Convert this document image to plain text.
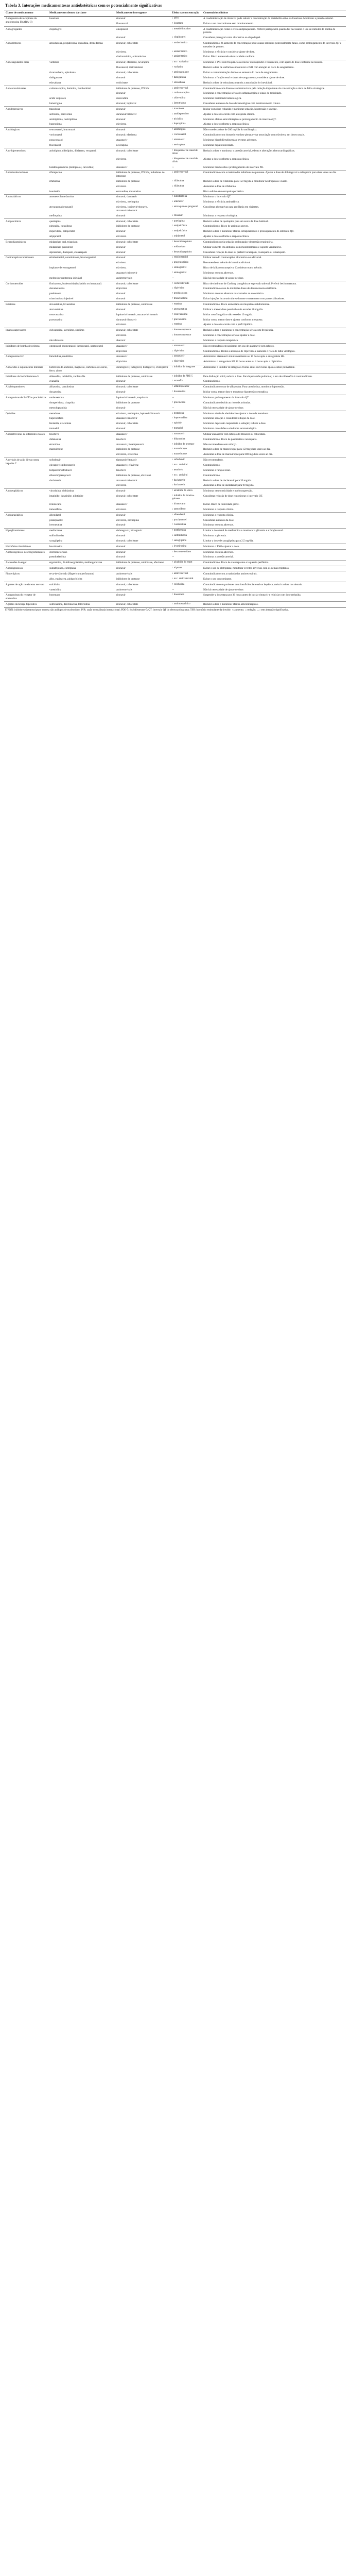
Tabela 3. Interações medicamentosas antiobstétricas com os potencialmente significativas
Classe de medicamento	Medicamentos dentro da classe	Medicamento interagente	Efeito na concentração	Comentários clínicos
Antagonista de receptores da angiotensina II (ARA-II)	losartana	ritonavir	↓ ativo	A coadministração de ritonavir pode reduzir a concentração do metabólito ativo da losartana. Monitorar a pressão arterial.
		fluconazol	↑ losartana	Evitar o uso concomitante sem monitoramento.
Antiagregantes	clopidogrel	omeprazol	↓ metabólito ativo	A coadministração reduz o efeito antiplaquetário. Preferir pantoprazol quando for necessário o uso de inibidor de bomba de prótons.
		ritonavir	↓ clopidogrel	Considerar prasugrel como alternativa ao clopidogrel.
Antiarrítmicos	amiodarona, propafenona, quinidina, dronedarona	ritonavir, cobicistate	↑ antiarrítmico	Contraindicado. O aumento da concentração pode causar arritmias potencialmente fatais, como prolongamento do intervalo QT e torsades de pointes.
		efavirenz	↓ antiarrítmico	Monitorar a eficácia e considerar ajuste de dose.
		claritromicina, eritromicina	↑ antiarrítmico	Evitar. Risco aumentado de toxicidade cardíaca.
Anticoagulantes orais	varfarina	ritonavir, efavirenz, nevirapina	↓ ou ↑ varfarina	Monitorar o INR com frequência ao iniciar ou suspender o tratamento, com ajuste de dose conforme necessário.
		fluconazol, metronidazol	↑ varfarina	Reduzir a dose de varfarina e monitorar o INR com atenção ao risco de sangramento.
	rivaroxabana, apixabana	ritonavir, cobicistate	↑ anticoagulante	Evitar a coadministração devido ao aumento do risco de sangramento.
	dabigatrana	ritonavir	↑ dabigatrana	Monitorar a função renal e sinais de sangramento; considerar ajuste de dose.
	edoxabana	cobicistate	↑ edoxabana	Reduzir a dose de edoxabana quando a associação for inevitável.
Anticonvulsivantes	carbamazepina, fenitoína, fenobarbital	inibidores de protease, ITRNN	↓ antirretroviral	Contraindicado com diversos antirretrovirais pela redução importante da concentração e risco de falha virológica.
		ritonavir	↑ carbamazepina	Monitorar a concentração sérica de carbamazepina e sinais de toxicidade.
	ácido valproico	zidovudina	↑ zidovudina	Monitorar toxicidade hematológica.
	lamotrigina	ritonavir, lopinavir	↓ lamotrigina	Considerar aumento da dose de lamotrigina com monitoramento clínico.
Antidepressivos	trazodona	ritonavir	↑ trazodona	Iniciar com dose reduzida e monitorar sedação, hipotensão e síncope.
	sertralina, paroxetina	darunavir/ritonavir	↓ antidepressivo	Ajustar a dose de acordo com a resposta clínica.
	amitriptilina, nortriptilina	ritonavir	↑ tricíclico	Monitorar efeitos anticolinérgicos e prolongamento do intervalo QT.
	bupropiona	efavirenz	↓ bupropiona	Ajustar a dose conforme a resposta clínica.
Antifúngicos	cetoconazol, itraconazol	ritonavir	↑ antifúngico	Não exceder a dose de 200 mg/dia do antifúngico.
	voriconazol	ritonavir, efavirenz	↓ voriconazol	Contraindicado com ritonavir em dose plena; evitar associação com efavirenz em doses usuais.
	posaconazol	atazanavir	↑ atazanavir	Monitorar hiperbilirrubinemia e eventos adversos.
	fluconazol	nevirapina	↑ nevirapina	Monitorar hepatotoxicidade.
Anti-hipertensivos	anlodipino, nifedipino, diltiazem, verapamil	ritonavir, cobicistate	↑ bloqueador de canal de cálcio	Reduzir a dose e monitorar a pressão arterial, edema e alterações eletrocardiográficas.
		efavirenz	↓ bloqueador de canal de cálcio	Ajustar a dose conforme a resposta clínica.
	betabloqueadores (metoprolol, carvedilol)	atazanavir	↔	Monitorar bradicardia e prolongamento do intervalo PR.
Antimicobacterianos	rifampicina	inibidores de protease, ITRNN, inibidores de integrase	↓ antirretroviral	Contraindicado com a maioria dos inibidores de protease. Ajustar a dose de dolutegravir e raltegravir para duas vezes ao dia.
	rifabutina	inibidores de protease	↑ rifabutina	Reduzir a dose de rifabutina para 150 mg/dia e monitorar neutropenia e uveíte.
		efavirenz	↓ rifabutina	Aumentar a dose de rifabutina.
	isoniazida	estavudina, didanosina	↔	Risco aditivo de neuropatia periférica.
Antimaláricos	artemeter/lumefantrina	ritonavir, darunavir	↑ lumefantrina	Monitorar o intervalo QT.
		efavirenz, nevirapina	↓ artemeter	Monitorar a eficácia antimalárica.
	atovaquona/proguanil	efavirenz, lopinavir/ritonavir, atazanavir/ritonavir	↓ atovaquona e proguanil	Considerar alternativas para profilaxia em viajantes.
	mefloquina	ritonavir	↓ ritonavir	Monitorar a resposta virológica.
Antipsicóticos	quetiapina	ritonavir, cobicistate	↑ quetiapina	Reduzir a dose de quetiapina para um sexto da dose habitual.
	pimozida, lurasidona	inibidores de protease	↑ antipsicótico	Contraindicado. Risco de arritmias graves.
	risperidona, haloperidol	ritonavir	↑ antipsicótico	Reduzir a dose e monitorar efeitos extrapiramidais e prolongamento do intervalo QT.
	aripiprazol	efavirenz	↓ aripiprazol	Ajustar a dose conforme a resposta clínica.
Benzodiazepínicos	midazolam oral, triazolam	ritonavir, cobicistate	↑ benzodiazepínico	Contraindicado pela sedação prolongada e depressão respiratória.
	midazolam parenteral	ritonavir	↑ midazolam	Utilizar somente em ambiente com monitoramento e suporte ventilatório.
	alprazolam, diazepam, clonazepam	ritonavir	↑ benzodiazepínico	Considerar redução da dose ou preferir lorazepam, oxazepam ou temazepam.
Contraceptivos hormonais	etinilestradiol, noretindrona, levonorgestrel	ritonavir	↓ etinilestradiol	Utilizar método contraceptivo alternativo ou adicional.
		efavirenz	↓ progestogênio	Recomenda-se método de barreira adicional.
	implante de etonogestrel	efavirenz	↓ etonogestrel	Risco de falha contraceptiva. Considerar outro método.
		atazanavir/ritonavir	↑ etonogestrel	Monitorar eventos adversos.
	medroxiprogesterona injetável	antirretrovirais	↔	Não há necessidade de ajuste de dose.
Corticosteroides	fluticasona, budesonida (inalatória ou intranasal)	ritonavir, cobicistate	↑ corticosteroide	Risco de síndrome de Cushing iatrogênica e supressão adrenal. Preferir beclometasona.
	dexametasona	rilpivirina	↓ rilpivirina	Contraindicado o uso de múltiplas doses de dexametasona sistêmica.
	prednisona	ritonavir	↑ prednisolona	Monitorar eventos adversos relacionados ao uso crônico.
	triancinolona injetável	ritonavir	↑ triancinolona	Evitar injeções intra-articulares durante o tratamento com potencializadores.
Estatinas	sinvastatina, lovastatina	inibidores de protease, cobicistate	↑ estatina	Contraindicado. Risco aumentado de miopatia e rabdomiólise.
	atorvastatina	ritonavir	↑ atorvastatina	Utilizar a menor dose possível e não exceder 20 mg/dia.
	rosuvastatina	lopinavir/ritonavir, atazanavir/ritonavir	↑ rosuvastatina	Iniciar com 5 mg/dia e não exceder 10 mg/dia.
	pravastatina	darunavir/ritonavir	↑ pravastatina	Iniciar com a menor dose e ajustar conforme a resposta.
		efavirenz	↓ estatina	Ajustar a dose de acordo com o perfil lipídico.
Imunossupressores	ciclosporina, tacrolimo, sirolimo	ritonavir, cobicistate	↑ imunossupressor	Reduzir a dose e monitorar a concentração sérica com frequência.
		efavirenz	↓ imunossupressor	Monitorar a concentração sérica e ajustar a dose.
	micofenolato	abacavir	↔	Monitorar a resposta terapêutica.
Inibidores de bomba de prótons	omeprazol, esomeprazol, lansoprazol, pantoprazol	atazanavir	↓ atazanavir	Não recomendado em pacientes em uso de atazanavir sem reforço.
		rilpivirina	↓ rilpivirina	Contraindicado. Reduz a absorção de rilpivirina e aumenta o risco de falha virológica.
Antagonistas H2	famotidina, ranitidina	atazanavir	↓ atazanavir	Administrar atazanavir simultaneamente ou 10 horas após o antagonista H2.
		rilpivirina	↓ rilpivirina	Administrar o antagonista H2 12 horas antes ou 4 horas após a rilpivirina.
Antiácidos e suplementos minerais	hidróxido de alumínio, magnésio, carbonato de cálcio, ferro, zinco	dolutegravir, raltegravir, bictegravir, elvitegravir	↓ inibidor de integrase	Administrar o inibidor de integrase 2 horas antes ou 6 horas após o cátion polivalente.
Inibidores da fosfodiesterase-5	sildenafila, tadalafila, vardenafila	inibidores de protease, cobicistate	↑ inibidor da PDE-5	Para disfunção erétil, reduzir a dose. Para hipertensão pulmonar, o uso de sildenafila é contraindicado.
	avanafila	ritonavir	↑ avanafila	Contraindicado.
Alfabloqueadores	alfuzosina, tansulosina	ritonavir, cobicistate	↑ alfabloqueador	Contraindicado o uso de alfuzosina. Para tansulosina, monitorar hipotensão.
	doxazosina	ritonavir	↑ doxazosina	Iniciar com a menor dose e monitorar hipotensão ortostática.
Antagonistas de 5-HT3 e procinéticos	ondansetrona	lopinavir/ritonavir, saquinavir	↔	Monitorar prolongamento do intervalo QT.
	domperidona, cisaprida	inibidores de protease	↑ procinético	Contraindicado devido ao risco de arritmias.
	metoclopramida	ritonavir	↔	Não há necessidade de ajuste de dose.
Opioides	metadona	efavirenz, nevirapina, lopinavir/ritonavir	↓ metadona	Monitorar sinais de abstinência e ajustar a dose de metadona.
	buprenorfina	atazanavir/ritonavir	↑ buprenorfina	Monitorar sedação e considerar redução da dose.
	fentanila, oxicodona	ritonavir, cobicistate	↑ opioide	Monitorar depressão respiratória e sedação; reduzir a dose.
	tramadol	ritonavir	↑ tramadol	Monitorar convulsões e síndrome serotoninérgica.
Antirretrovirais de diferentes classes	tenofovir	atazanavir	↓ atazanavir	Utilizar atazanavir com reforço de ritonavir ou cobicistate.
	didanosina	tenofovir	↑ didanosina	Contraindicado. Risco de pancreatite e neuropatia.
	etravirina	atazanavir, fosamprenavir	↑ inibidor de protease	Não recomendado sem reforço.
	maraviroque	inibidores de protease	↑ maraviroque	Reduzir a dose de maraviroque para 150 mg duas vezes ao dia.
		efavirenz, etravirina	↓ maraviroque	Aumentar a dose de maraviroque para 600 mg duas vezes ao dia.
Antivirais de ação direta contra hepatite C	sofosbuvir	tipranavir/ritonavir	↓ sofosbuvir	Não recomendado.
	glecaprevir/pibrentasvir	atazanavir, efavirenz	↑ ou ↓ antiviral	Contraindicado.
	ledipasvir/sofosbuvir	tenofovir	↑ tenofovir	Monitorar a função renal.
	elbasvir/grazoprevir	inibidores de protease, efavirenz	↑ ou ↓ antiviral	Contraindicado.
	daclatasvir	atazanavir/ritonavir	↑ daclatasvir	Reduzir a dose de daclatasvir para 30 mg/dia.
		efavirenz	↓ daclatasvir	Aumentar a dose de daclatasvir para 90 mg/dia.
Antineoplásicos	vincristina, vinblastina	ritonavir	↑ alcaloide da vinca	Monitorar neurotoxicidade e mielossupressão.
	imatinibe, dasatinibe, nilotinibe	ritonavir, cobicistate	↑ inibidor de tirosina-quinase	Considerar redução de dose e monitorar o intervalo QT.
	irinotecano	atazanavir	↑ irinotecano	Evitar. Risco de toxicidade grave.
	tamoxifeno	efavirenz	↓ tamoxifeno	Monitorar a resposta clínica.
Antiparasitários	albendazol	ritonavir	↓ albendazol	Monitorar a resposta clínica.
	praziquantel	efavirenz, nevirapina	↓ praziquantel	Considerar aumento da dose.
	ivermectina	ritonavir	↑ ivermectina	Monitorar eventos adversos.
Hipoglicemiantes	metformina	dolutegravir, bictegravir	↑ metformina	Limitar a dose total de metformina e monitorar a glicemia e a função renal.
	sulfonilureias	ritonavir	↓ sulfonilureia	Monitorar a glicemia.
	saxagliptina	ritonavir, cobicistate	↑ saxagliptina	Limitar a dose de saxagliptina para 2,5 mg/dia.
Hormônios tireoidianos	levotiroxina	ritonavir	↓ levotiroxina	Monitorar o TSH e ajustar a dose.
Antitussígenos e descongestionantes	dextrometorfano	ritonavir	↑ dextrometorfano	Monitorar eventos adversos.
	pseudoefedrina	ritonavir	↔	Monitorar a pressão arterial.
Alcaloides do ergot	ergotamina, di-hidroergotamina, metilergonovina	inibidores de protease, cobicistate, efavirenz	↑ alcaloide do ergot	Contraindicado. Risco de vasoespasmo e isquemia periférica.
Antimigranosos	sumatriptana, eletriptana	ritonavir	↑ triptano	Evitar o uso de eletriptana; monitorar eventos adversos com os demais triptanos.
Fitoterápicos	erva-de-são-joão (Hypericum perforatum)	antirretrovirais	↓ antirretroviral	Contraindicado com a maioria dos antirretrovirais.
	alho, equinácea, ginkgo biloba	inibidores de protease	↓ ou ↑ antirretroviral	Evitar o uso concomitante.
Agentes de ação no sistema nervoso	colchicina	ritonavir, cobicistate	↑ colchicina	Contraindicado em pacientes com insuficiência renal ou hepática; reduzir a dose nos demais.
	vareniclina	antirretrovirais	↔	Não há necessidade de ajuste de dose.
Antagonistas do receptor de endotelina	bosentana	ritonavir	↑ bosentana	Suspender a bosentana por 36 horas antes de iniciar ritonavir e reiniciar com dose reduzida.
Agentes da bexiga hiperativa	solifenacina, darifenacina, tolterodina	ritonavir, cobicistate	↑ antimuscarínico	Reduzir a dose e monitorar efeitos anticolinérgicos.
ITRNN: inibidores da transcriptase reversa não análogos de nucleosídeo; INR: razão normalizada internacional; PDE-5: fosfodiesterase-5; QT: intervalo QT do eletrocardiograma; TSH: hormônio estimulante da tireoide. ↑: aumento; ↓: redução; ↔: sem alteração significativa.
